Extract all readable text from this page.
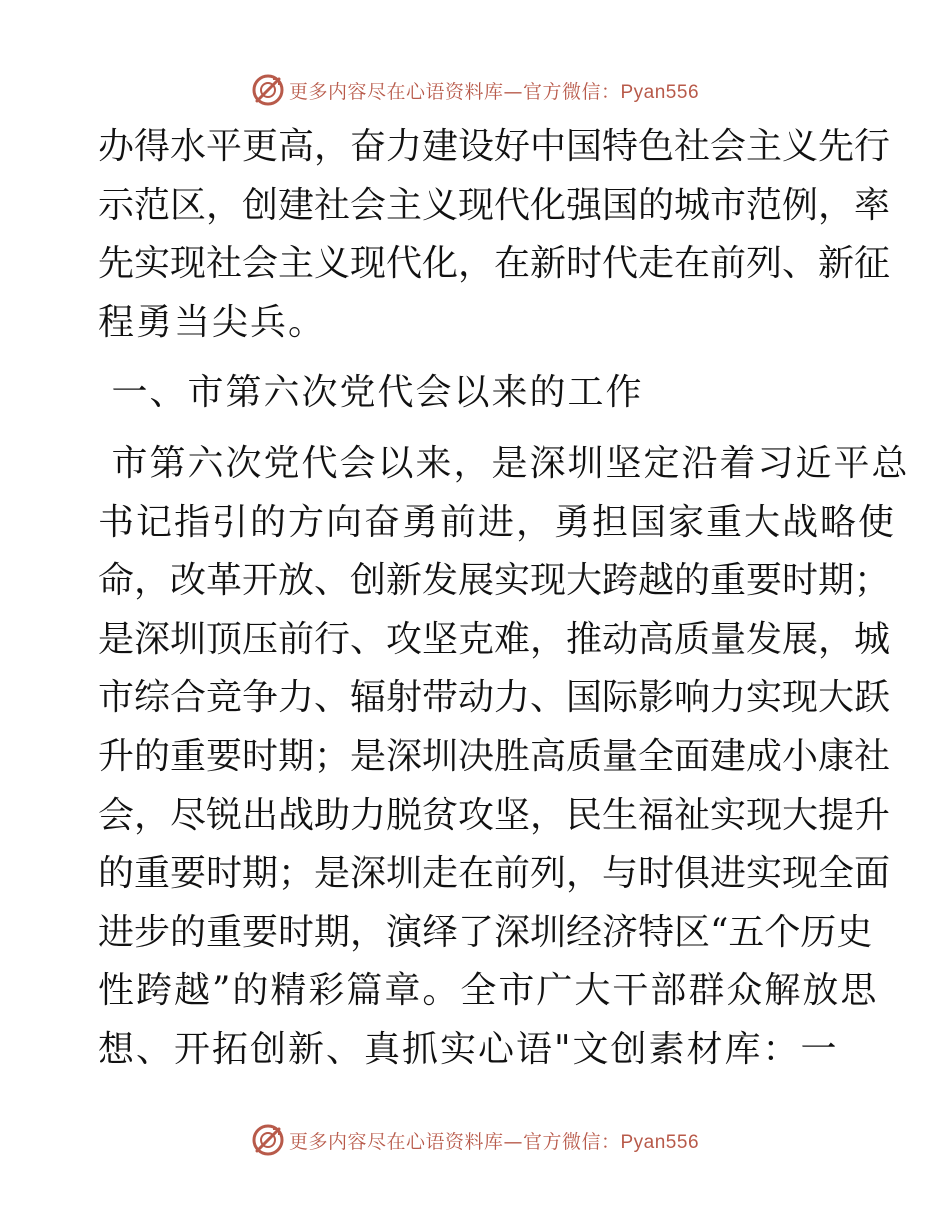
更多内容尽在心语资料库—官方微信：Pyan556
办得水平更高，奋力建设好中国特色社会主义先行
示范区，创建社会主义现代化强国的城市范例，率
先实现社会主义现代化，在新时代走在前列、新征
程勇当尖兵。
一、市第六次党代会以来的工作
市第六次党代会以来，是深圳坚定沿着习近平总
书记指引的方向奋勇前进，勇担国家重大战略使
命，改革开放、创新发展实现大跨越的重要时期；
是深圳顶压前行、攻坚克难，推动高质量发展，城
市综合竞争力、辐射带动力、国际影响力实现大跃
升的重要时期；是深圳决胜高质量全面建成小康社
会，尽锐出战助力脱贫攻坚，民生福祉实现大提升
的重要时期；是深圳走在前列，与时俱进实现全面
进步的重要时期，演绎了深圳经济特区“五个历史
性跨越”的精彩篇章。全市广大干部群众解放思
想、开拓创新、真抓实心语"文创素材库：一
更多内容尽在心语资料库—官方微信：Pyan556
